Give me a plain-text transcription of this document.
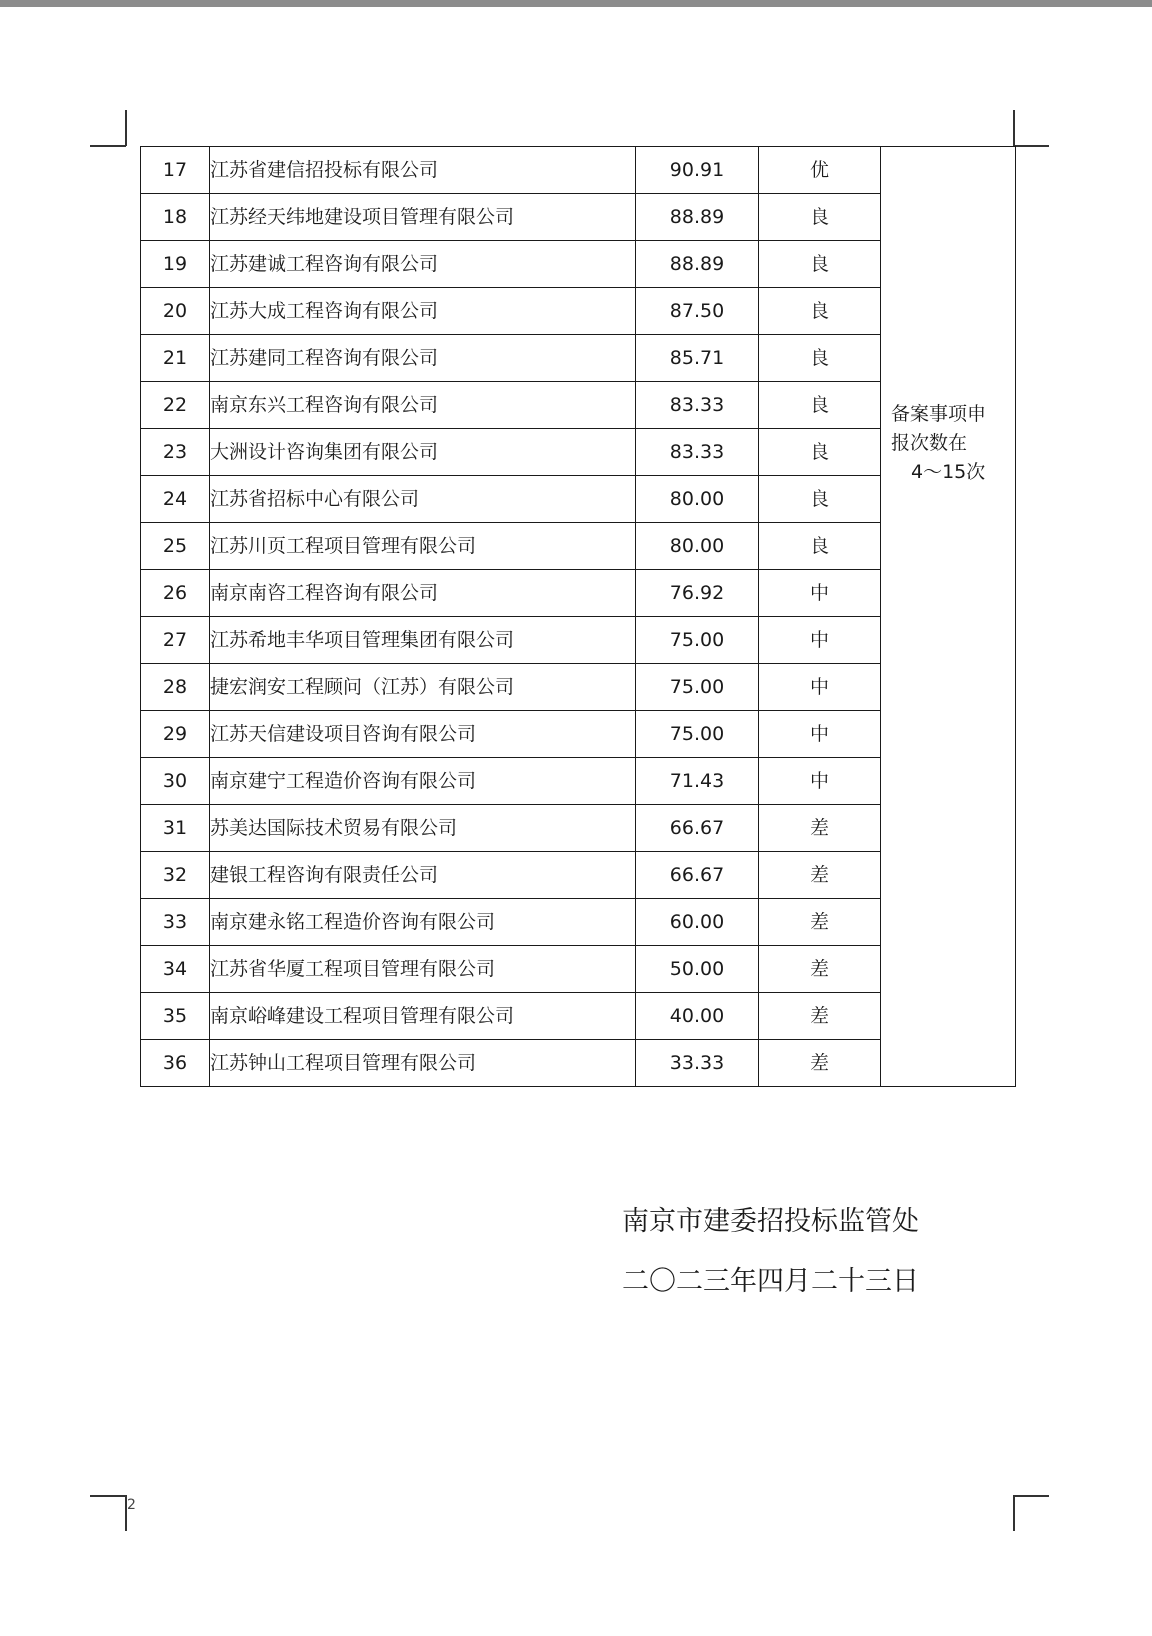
17	江苏省建信招投标有限公司	90.91	优	备案事项申
报次数在
4～15次

18	江苏经天纬地建设项目管理有限公司	88.89	良	
19	江苏建诚工程咨询有限公司	88.89	良	
20	江苏大成工程咨询有限公司	87.50	良	
21	江苏建同工程咨询有限公司	85.71	良	
22	南京东兴工程咨询有限公司	83.33	良	
23	大洲设计咨询集团有限公司	83.33	良	
24	江苏省招标中心有限公司	80.00	良	
25	江苏川页工程项目管理有限公司	80.00	良	
26	南京南咨工程咨询有限公司	76.92	中	
27	江苏希地丰华项目管理集团有限公司	75.00	中	
28	捷宏润安工程顾问（江苏）有限公司	75.00	中	
29	江苏天信建设项目咨询有限公司	75.00	中	
30	南京建宁工程造价咨询有限公司	71.43	中	
31	苏美达国际技术贸易有限公司	66.67	差	
32	建银工程咨询有限责任公司	66.67	差	
33	南京建永铭工程造价咨询有限公司	60.00	差	
34	江苏省华厦工程项目管理有限公司	50.00	差	
35	南京峪峰建设工程项目管理有限公司	40.00	差	
36	江苏钟山工程项目管理有限公司	33.33	差	
南京市建委招投标监管处
二〇二三年四月二十三日
2
